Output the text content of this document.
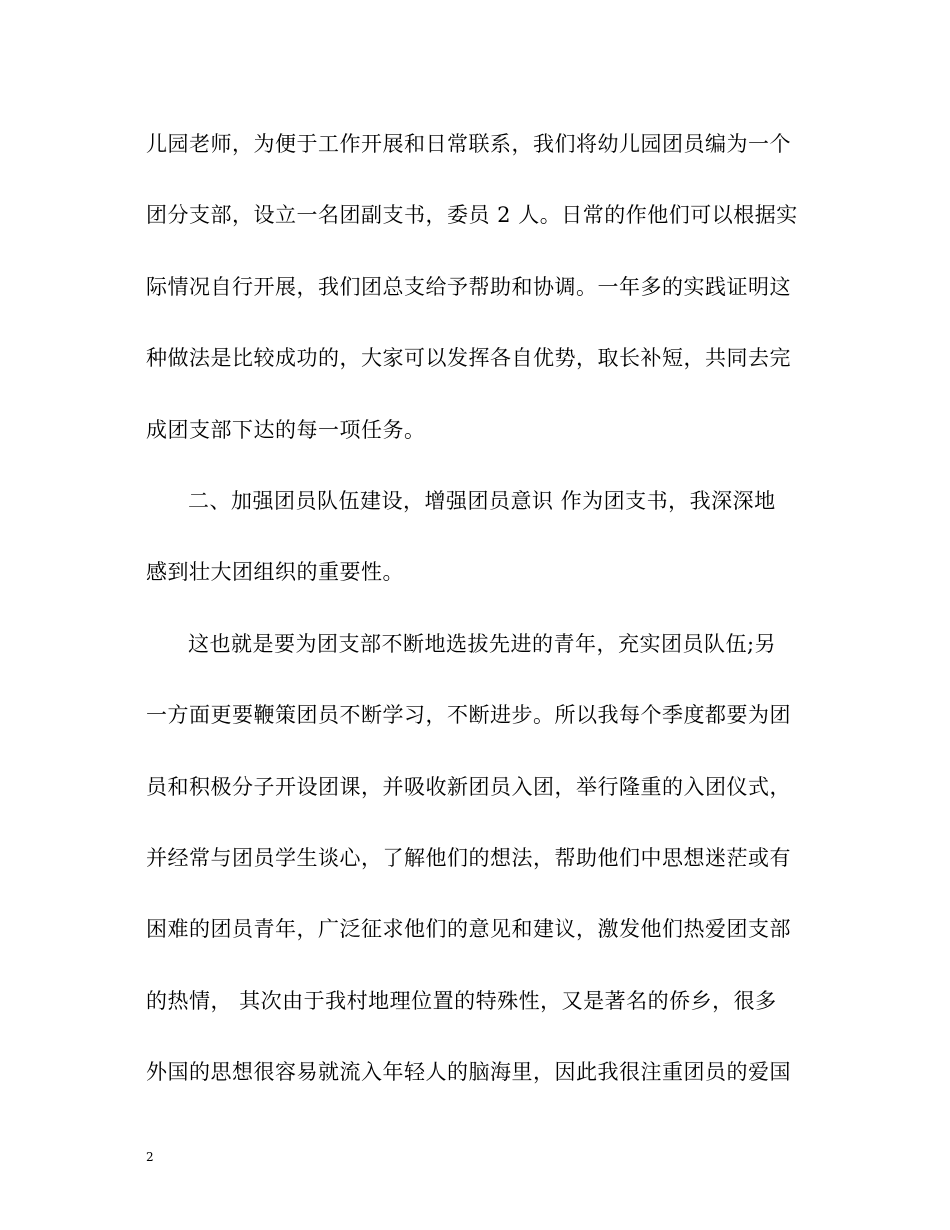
儿园老师，为便于工作开展和日常联系，我们将幼儿园团员编为一个
团分支部，设立一名团副支书，委员 2 人。日常的作他们可以根据实
际情况自行开展，我们团总支给予帮助和协调。一年多的实践证明这
种做法是比较成功的，大家可以发挥各自优势，取长补短，共同去完
成团支部下达的每一项任务。
二、加强团员队伍建设，增强团员意识 作为团支书，我深深地
感到壮大团组织的重要性。
这也就是要为团支部不断地选拔先进的青年，充实团员队伍;另
一方面更要鞭策团员不断学习，不断进步。所以我每个季度都要为团
员和积极分子开设团课，并吸收新团员入团，举行隆重的入团仪式，
并经常与团员学生谈心，了解他们的想法，帮助他们中思想迷茫或有
困难的团员青年，广泛征求他们的意见和建议，激发他们热爱团支部
的热情， 其次由于我村地理位置的特殊性，又是著名的侨乡，很多
外国的思想很容易就流入年轻人的脑海里，因此我很注重团员的爱国
2
